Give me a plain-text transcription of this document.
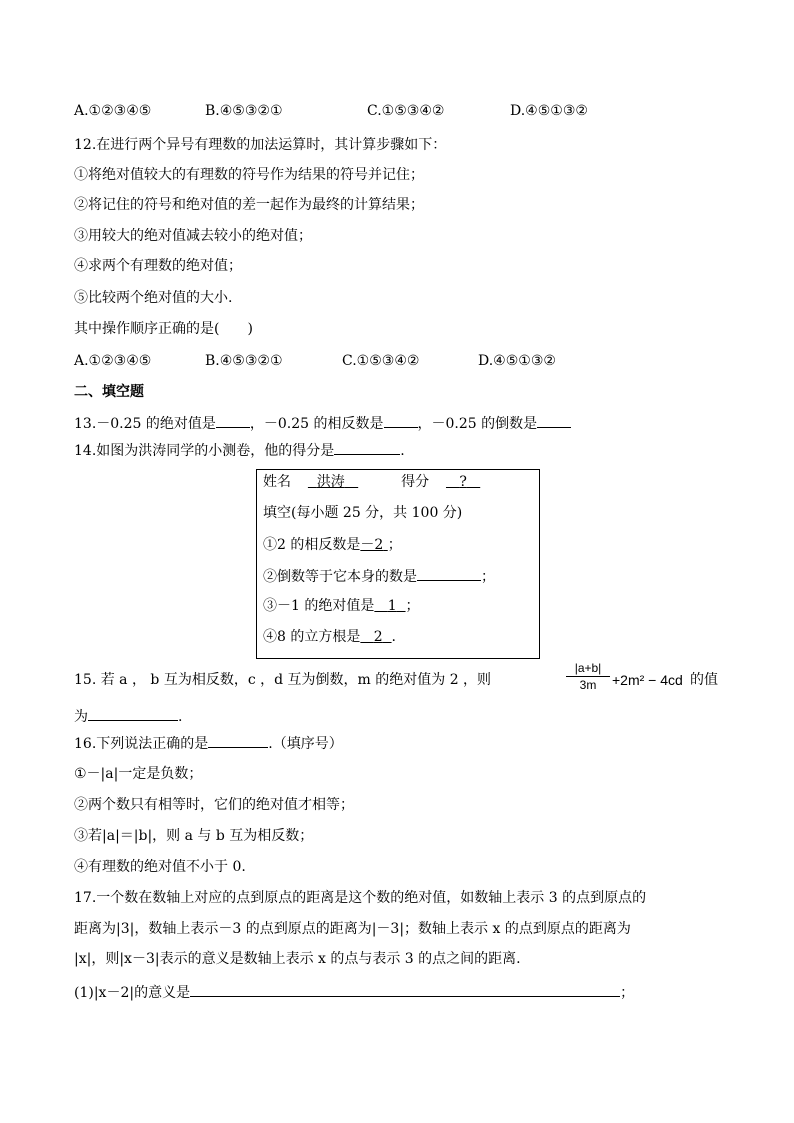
A.①②③④⑤	B.④⑤③②①	C.①⑤③④②	D.④⑤①③②
12.在进行两个异号有理数的加法运算时，其计算步骤如下：
①将绝对值较大的有理数的符号作为结果的符号并记住；
②将记住的符号和绝对值的差一起作为最终的计算结果；
③用较大的绝对值减去较小的绝对值；
④求两个有理数的绝对值；
⑤比较两个绝对值的大小.
其中操作顺序正确的是(　　)
A.①②③④⑤	B.④⑤③②①	C.①⑤③④②	D.④⑤①③②
二、填空题
13.－0.25 的绝对值是 ，－0.25 的相反数是 ，－0.25 的倒数是
14.如图为洪涛同学的小测卷，他的得分是	.
姓名 洪涛	得分 ?
填空(每小题 25 分，共 100 分)
①2 的相反数是－2 ；
②倒数等于它本身的数是	；
③－1 的绝对值是 1 ；
④8 的立方根是 2 .
15. 若 a ， b 互为相反数，c ，d 互为倒数，m 的绝对值为 2 ，则	$\frac{|a+b|}{3m} +2m^2 - 4cd$ 的值
为	.
16.下列说法正确的是	.（填序号）
①－|a|一定是负数；
②两个数只有相等时，它们的绝对值才相等；
③若|a|＝|b|，则 a 与 b 互为相反数；
④有理数的绝对值不小于 0.
17.一个数在数轴上对应的点到原点的距离是这个数的绝对值，如数轴上表示 3 的点到原点的
距离为|3|，数轴上表示－3 的点到原点的距离为|－3|；数轴上表示 x 的点到原点的距离为
|x|，则|x－3|表示的意义是数轴上表示 x 的点与表示 3 的点之间的距离.
(1)|x－2|的意义是	；
